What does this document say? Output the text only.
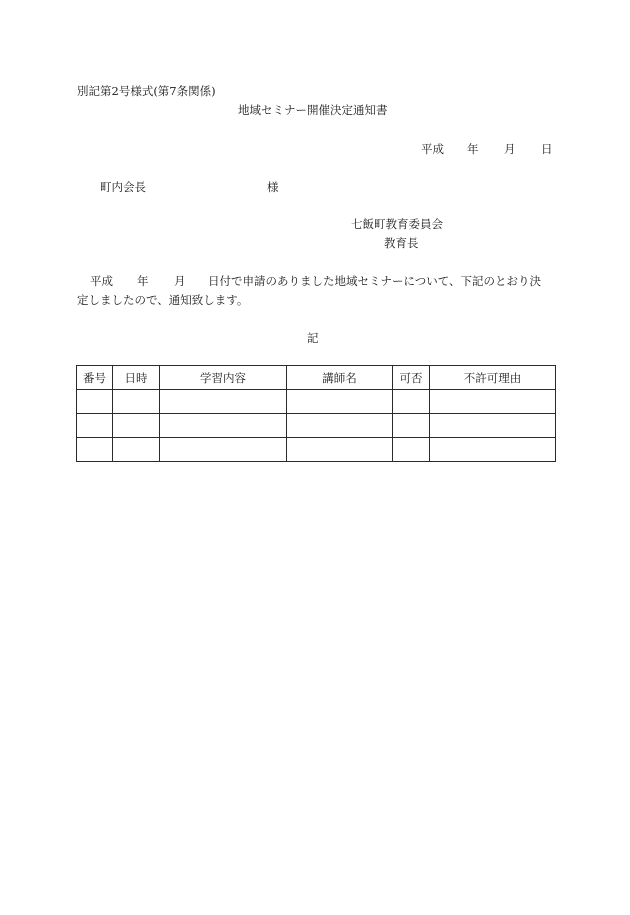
別記第2号様式(第7条関係)
地域セミナー開催決定通知書
平成 年 月 日
町内会長	様
七飯町教育委員会
教育長
平成 年 月 日付で申請のありました地域セミナーについて、下記のとおり決
定しましたので、通知致します。
記
番号	日時	学習内容	講師名	可否	不許可理由
